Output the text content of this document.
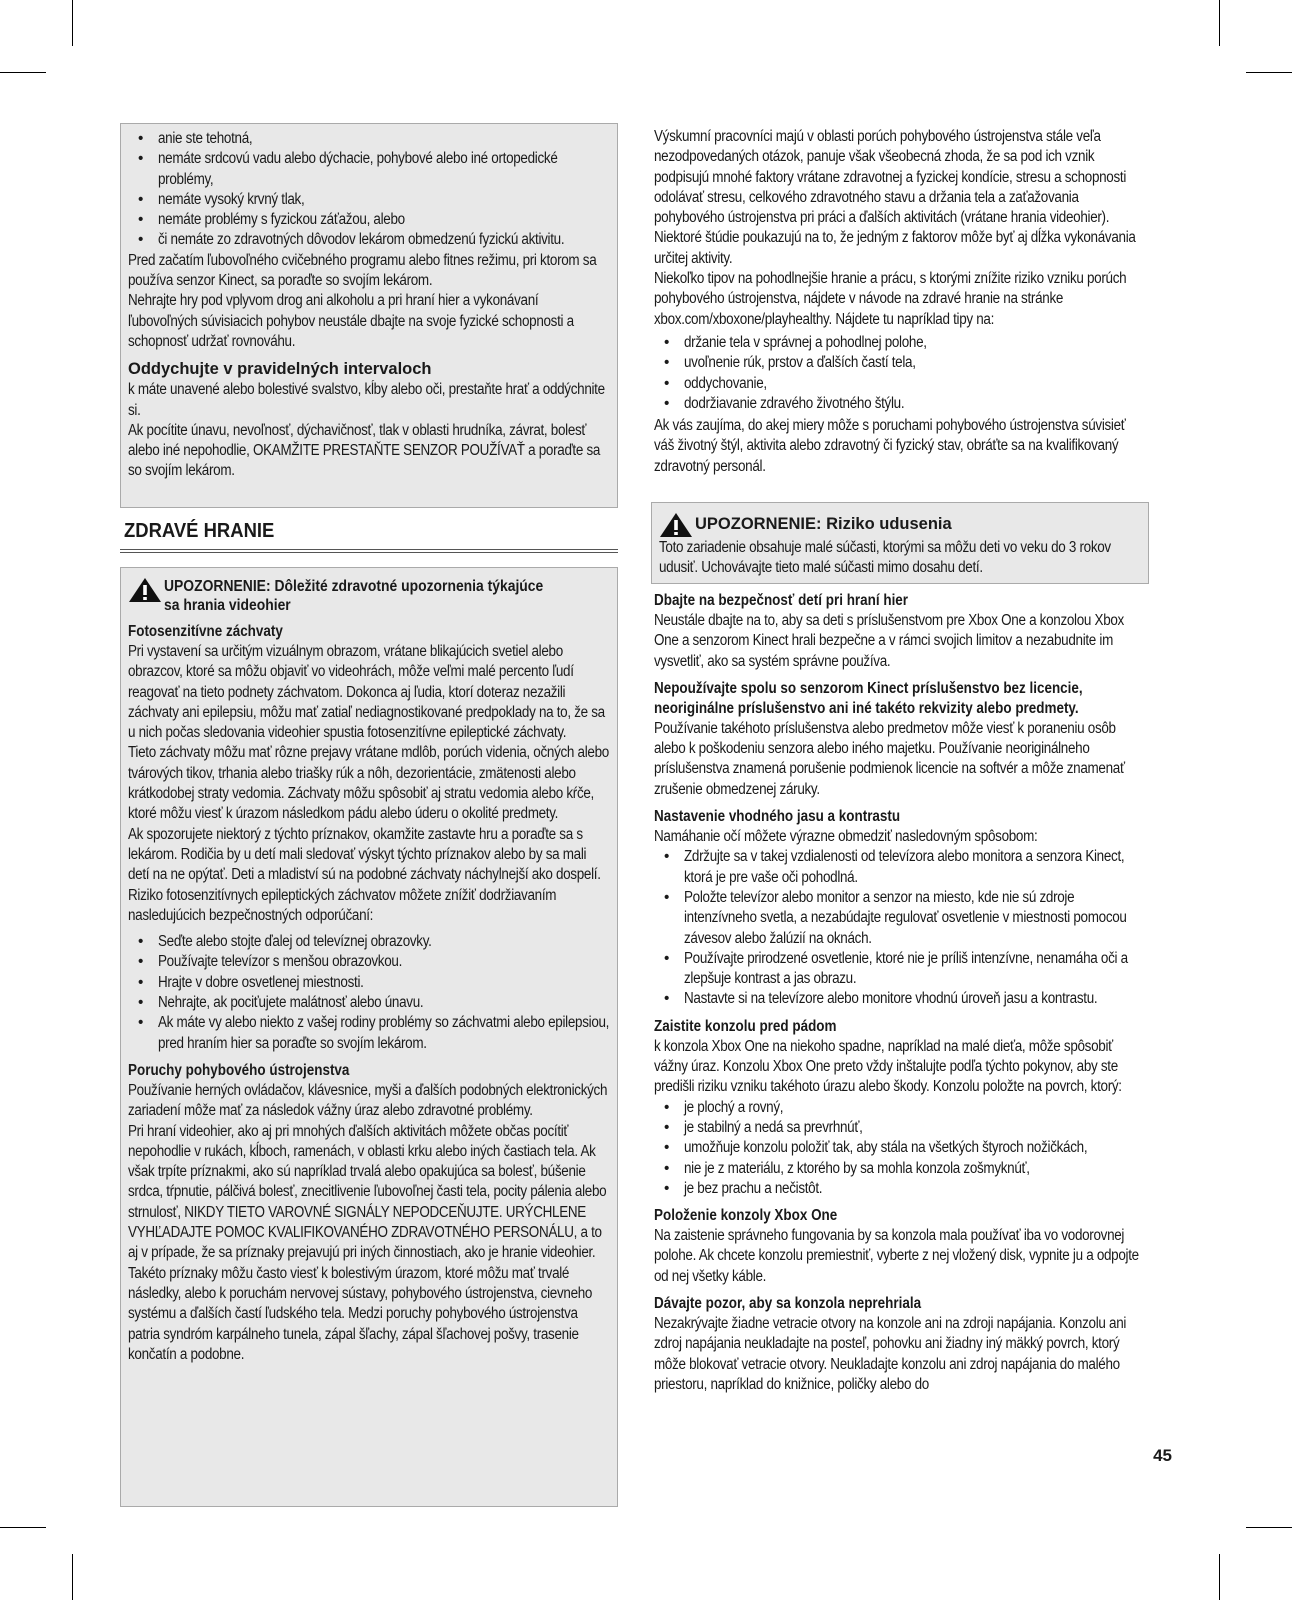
• anie ste tehotná,
• nemáte srdcovú vadu alebo dýchacie, pohybové alebo iné ortopedické problémy,
• nemáte vysoký krvný tlak,
• nemáte problémy s fyzickou záťažou, alebo
• či nemáte zo zdravotných dôvodov lekárom obmedzenú fyzickú aktivitu.

Pred začatím ľubovoľného cvičebného programu alebo fitnes režimu, pri ktorom sa používa senzor Kinect, sa poraďte so svojím lekárom.

Nehrajte hry pod vplyvom drog ani alkoholu a pri hraní hier a vykonávaní ľubovoľných súvisiacich pohybov neustále dbajte na svoje fyzické schopnosti a schopnosť udržať rovnováhu.

Oddychujte v pravidelných intervaloch

k máte unavené alebo bolestivé svalstvo, kĺby alebo oči, prestaňte hrať a oddýchnite si.

Ak pocítite únavu, nevoľnosť, dýchavičnosť, tlak v oblasti hrudníka, závrat, bolesť alebo iné nepohodlie, OKAMŽITE PRESTAŇTE SENZOR POUŽÍVAŤ a poraďte sa so svojím lekárom.

ZDRAVÉ HRANIE
UPOZORNENIE: Dôležité zdravotné upozornenia týkajúce sa hrania videohier
Fotosenzitívne záchvaty

Pri vystavení sa určitým vizuálnym obrazom, vrátane blikajúcich svetiel alebo obrazcov, ktoré sa môžu objaviť vo videohrách, môže veľmi malé percento ľudí reagovať na tieto podnety záchvatom. Dokonca aj ľudia, ktorí doteraz nezažili záchvaty ani epilepsiu, môžu mať zatiaľ nediagnostikované predpoklady na to, že sa u nich počas sledovania videohier spustia fotosenzitívne epileptické záchvaty.

Tieto záchvaty môžu mať rôzne prejavy vrátane mdlôb, porúch videnia, očných alebo tvárových tikov, trhania alebo triašky rúk a nôh, dezorientácie, zmätenosti alebo krátkodobej straty vedomia. Záchvaty môžu spôsobiť aj stratu vedomia alebo kŕče, ktoré môžu viesť k úrazom následkom pádu alebo úderu o okolité predmety.

Ak spozorujete niektorý z týchto príznakov, okamžite zastavte hru a poraďte sa s lekárom. Rodičia by u detí mali sledovať výskyt týchto príznakov alebo by sa mali detí na ne opýtať. Deti a mladiství sú na podobné záchvaty náchylnejší ako dospelí. Riziko fotosenzitívnych epileptických záchvatov môžete znížiť dodržiavaním nasledujúcich bezpečnostných odporúčaní:

• Seďte alebo stojte ďalej od televíznej obrazovky.
• Používajte televízor s menšou obrazovkou.
• Hrajte v dobre osvetlenej miestnosti.
• Nehrajte, ak pociťujete malátnosť alebo únavu.
• Ak máte vy alebo niekto z vašej rodiny problémy so záchvatmi alebo epilepsiou, pred hraním hier sa poraďte so svojím lekárom.
Poruchy pohybového ústrojenstva

Používanie herných ovládačov, klávesnice, myši a ďalších podobných elektronických zariadení môže mať za následok vážny úraz alebo zdravotné problémy.

Pri hraní videohier, ako aj pri mnohých ďalších aktivitách môžete občas pocítiť nepohodlie v rukách, kĺboch, ramenách, v oblasti krku alebo iných častiach tela. Ak však trpíte príznakmi, ako sú napríklad trvalá alebo opakujúca sa bolesť, búšenie srdca, tŕpnutie, pálčivá bolesť, znecitlivenie ľubovoľnej časti tela, pocity pálenia alebo strnulosť, NIKDY TIETO VAROVNÉ SIGNÁLY NEPODCEŇUJTE. URÝCHLENE VYHĽADAJTE POMOC KVALIFIKOVANÉHO ZDRAVOTNÉHO PERSONÁLU, a to aj v prípade, že sa príznaky prejavujú pri iných činnostiach, ako je hranie videohier. Takéto príznaky môžu často viesť k bolestivým úrazom, ktoré môžu mať trvalé následky, alebo k poruchám nervovej sústavy, pohybového ústrojenstva, cievneho systému a ďalších častí ľudského tela. Medzi poruchy pohybového ústrojenstva patria syndróm karpálneho tunela, zápal šľachy, zápal šľachovej pošvy, trasenie končatín a podobne.

Výskumní pracovníci majú v oblasti porúch pohybového ústrojenstva stále veľa nezodpovedaných otázok, panuje však všeobecná zhoda, že sa pod ich vznik podpisujú mnohé faktory vrátane zdravotnej a fyzickej kondície, stresu a schopnosti odolávať stresu, celkového zdravotného stavu a držania tela a zaťažovania pohybového ústrojenstva pri práci a ďalších aktivitách (vrátane hrania videohier). Niektoré štúdie poukazujú na to, že jedným z faktorov môže byť aj dĺžka vykonávania určitej aktivity.

Niekoľko tipov na pohodlnejšie hranie a prácu, s ktorými znížite riziko vzniku porúch pohybového ústrojenstva, nájdete v návode na zdravé hranie na stránke xbox.com/xboxone/playhealthy. Nájdete tu napríklad tipy na:

• držanie tela v správnej a pohodlnej polohe,
• uvoľnenie rúk, prstov a ďalších častí tela,
• oddychovanie,
• dodržiavanie zdravého životného štýlu.

Ak vás zaujíma, do akej miery môže s poruchami pohybového ústrojenstva súvisieť váš životný štýl, aktivita alebo zdravotný či fyzický stav, obráťte sa na kvalifikovaný zdravotný personál.

UPOZORNENIE: Riziko udusenia

Toto zariadenie obsahuje malé súčasti, ktorými sa môžu deti vo veku do 3 rokov udusiť. Uchovávajte tieto malé súčasti mimo dosahu detí.

Dbajte na bezpečnosť detí pri hraní hier

Neustále dbajte na to, aby sa deti s príslušenstvom pre Xbox One a konzolou Xbox One a senzorom Kinect hrali bezpečne a v rámci svojich limitov a nezabudnite im vysvetliť, ako sa systém správne používa.

Nepoužívajte spolu so senzorom Kinect príslušenstvo bez licencie, neoriginálne príslušenstvo ani iné takéto rekvizity alebo predmety.

Používanie takéhoto príslušenstva alebo predmetov môže viesť k poraneniu osôb alebo k poškodeniu senzora alebo iného majetku. Používanie neoriginálneho príslušenstva znamená porušenie podmienok licencie na softvér a môže znamenať zrušenie obmedzenej záruky.

Nastavenie vhodného jasu a kontrastu

Namáhanie očí môžete výrazne obmedziť nasledovným spôsobom:

• Zdržujte sa v takej vzdialenosti od televízora alebo monitora a senzora Kinect, ktorá je pre vaše oči pohodlná.
• Položte televízor alebo monitor a senzor na miesto, kde nie sú zdroje intenzívneho svetla, a nezabúdajte regulovať osvetlenie v miestnosti pomocou závesov alebo žalúzií na oknách.
• Používajte prirodzené osvetlenie, ktoré nie je príliš intenzívne, nenamáha oči a zlepšuje kontrast a jas obrazu.
• Nastavte si na televízore alebo monitore vhodnú úroveň jasu a kontrastu.
Zaistite konzolu pred pádom

k konzola Xbox One na niekoho spadne, napríklad na malé dieťa, môže spôsobiť vážny úraz. Konzolu Xbox One preto vždy inštalujte podľa týchto pokynov, aby ste predišli riziku vzniku takéhoto úrazu alebo škody. Konzolu položte na povrch, ktorý:

• je plochý a rovný,
• je stabilný a nedá sa prevrhnúť,
• umožňuje konzolu položiť tak, aby stála na všetkých štyroch nožičkách,
• nie je z materiálu, z ktorého by sa mohla konzola zošmyknúť,
• je bez prachu a nečistôt.
Položenie konzoly Xbox One

Na zaistenie správneho fungovania by sa konzola mala používať iba vo vodorovnej polohe. Ak chcete konzolu premiestniť, vyberte z nej vložený disk, vypnite ju a odpojte od nej všetky káble.

Dávajte pozor, aby sa konzola neprehriala

Nezakrývajte žiadne vetracie otvory na konzole ani na zdroji napájania. Konzolu ani zdroj napájania neukladajte na posteľ, pohovku ani žiadny iný mäkký povrch, ktorý môže blokovať vetracie otvory. Neukladajte konzolu ani zdroj napájania do malého priestoru, napríklad do knižnice, poličky alebo do

45
